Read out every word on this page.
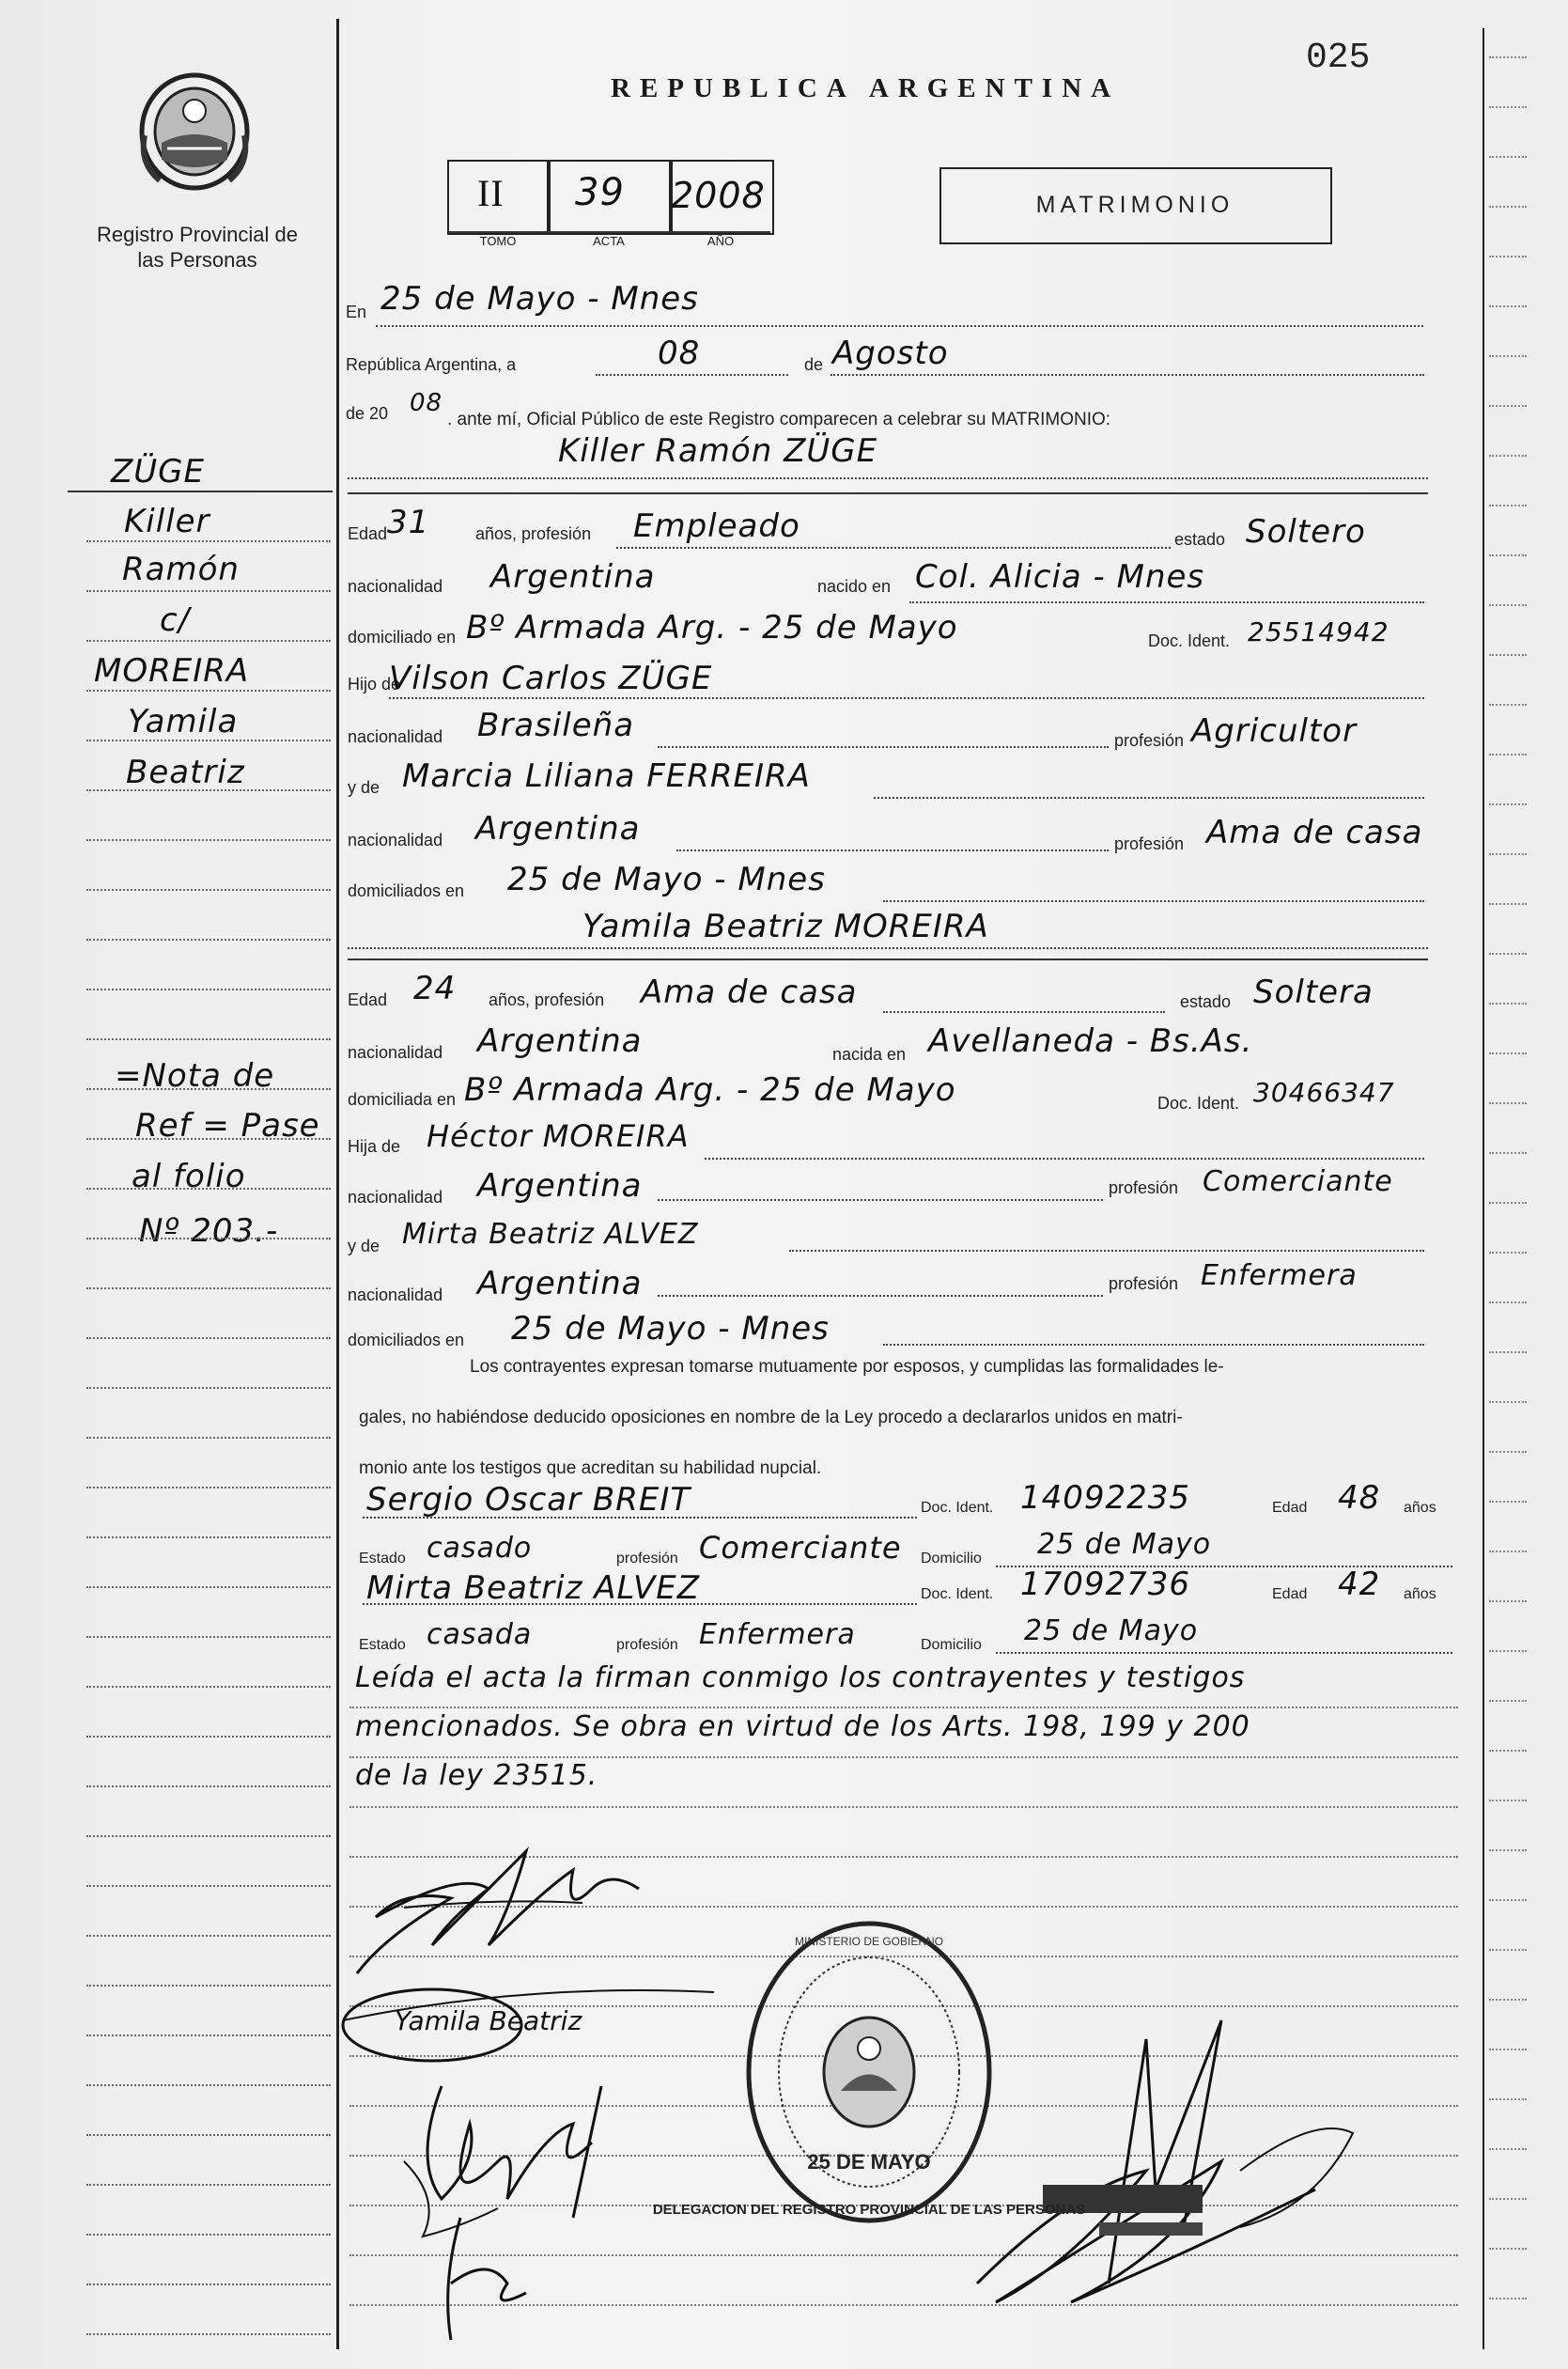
025
Registro Provincial de las Personas
REPUBLICA ARGENTINA
II 39 2008
TOMO	ACTA	AÑO
MATRIMONIO
ZÜGE
Killer
Ramón
c/
MOREIRA
Yamila
Beatriz
=Nota de
Ref = Pase
al folio
Nº 203.-
En 25 de Mayo - Mnes
República Argentina, a	08	de Agosto
de 20 08
. ante mí, Oficial Público de este Registro comparecen a celebrar su MATRIMONIO:
Killer Ramón ZÜGE
Edad 31	años, profesión Empleado	estado Soltero
nacionalidad Argentina	nacido en Col. Alicia - Mnes
domiciliado en Bº Armada Arg. - 25 de Mayo	Doc. Ident. 25514942
Hijo de
Vilson Carlos ZÜGE
nacionalidad Brasileña	profesión Agricultor
y de Marcia Liliana FERREIRA
nacionalidad Argentina	profesión Ama de casa
domiciliados en 25 de Mayo - Mnes
Yamila Beatriz MOREIRA
Edad 24 años, profesión Ama de casa	estado Soltera
nacionalidad Argentina	nacida en Avellaneda - Bs.As.
domiciliada en Bº Armada Arg. - 25 de Mayo	Doc. Ident. 30466347
Hija de Héctor MOREIRA
nacionalidad Argentina	profesión Comerciante
y de Mirta Beatriz ALVEZ
nacionalidad Argentina	profesión Enfermera
domiciliados en 25 de Mayo - Mnes
Los contrayentes expresan tomarse mutuamente por esposos, y cumplidas las formalidades le-
gales, no habiéndose deducido oposiciones en nombre de la Ley procedo a declararlos unidos en matri-
monio ante los testigos que acreditan su habilidad nupcial.
Sergio Oscar BREIT	Doc. Ident. 14092235	Edad 48 años
Estado casado	profesión Comerciante Domicilio 25 de Mayo
Mirta Beatriz ALVEZ	Doc. Ident. 17092736	Edad 42 años
Estado casada	profesión Enfermera	Domicilio 25 de Mayo
Leída el acta la firman conmigo los contrayentes y testigos
mencionados. Se obra en virtud de los Arts. 198, 199 y 200
de la ley 23515.
Yamila Beatriz
DELEGACION DEL REGISTRO PROVINCIAL DE LAS PERSONAS
MINISTERIO DE GOBIERNO
25 DE MAYO
